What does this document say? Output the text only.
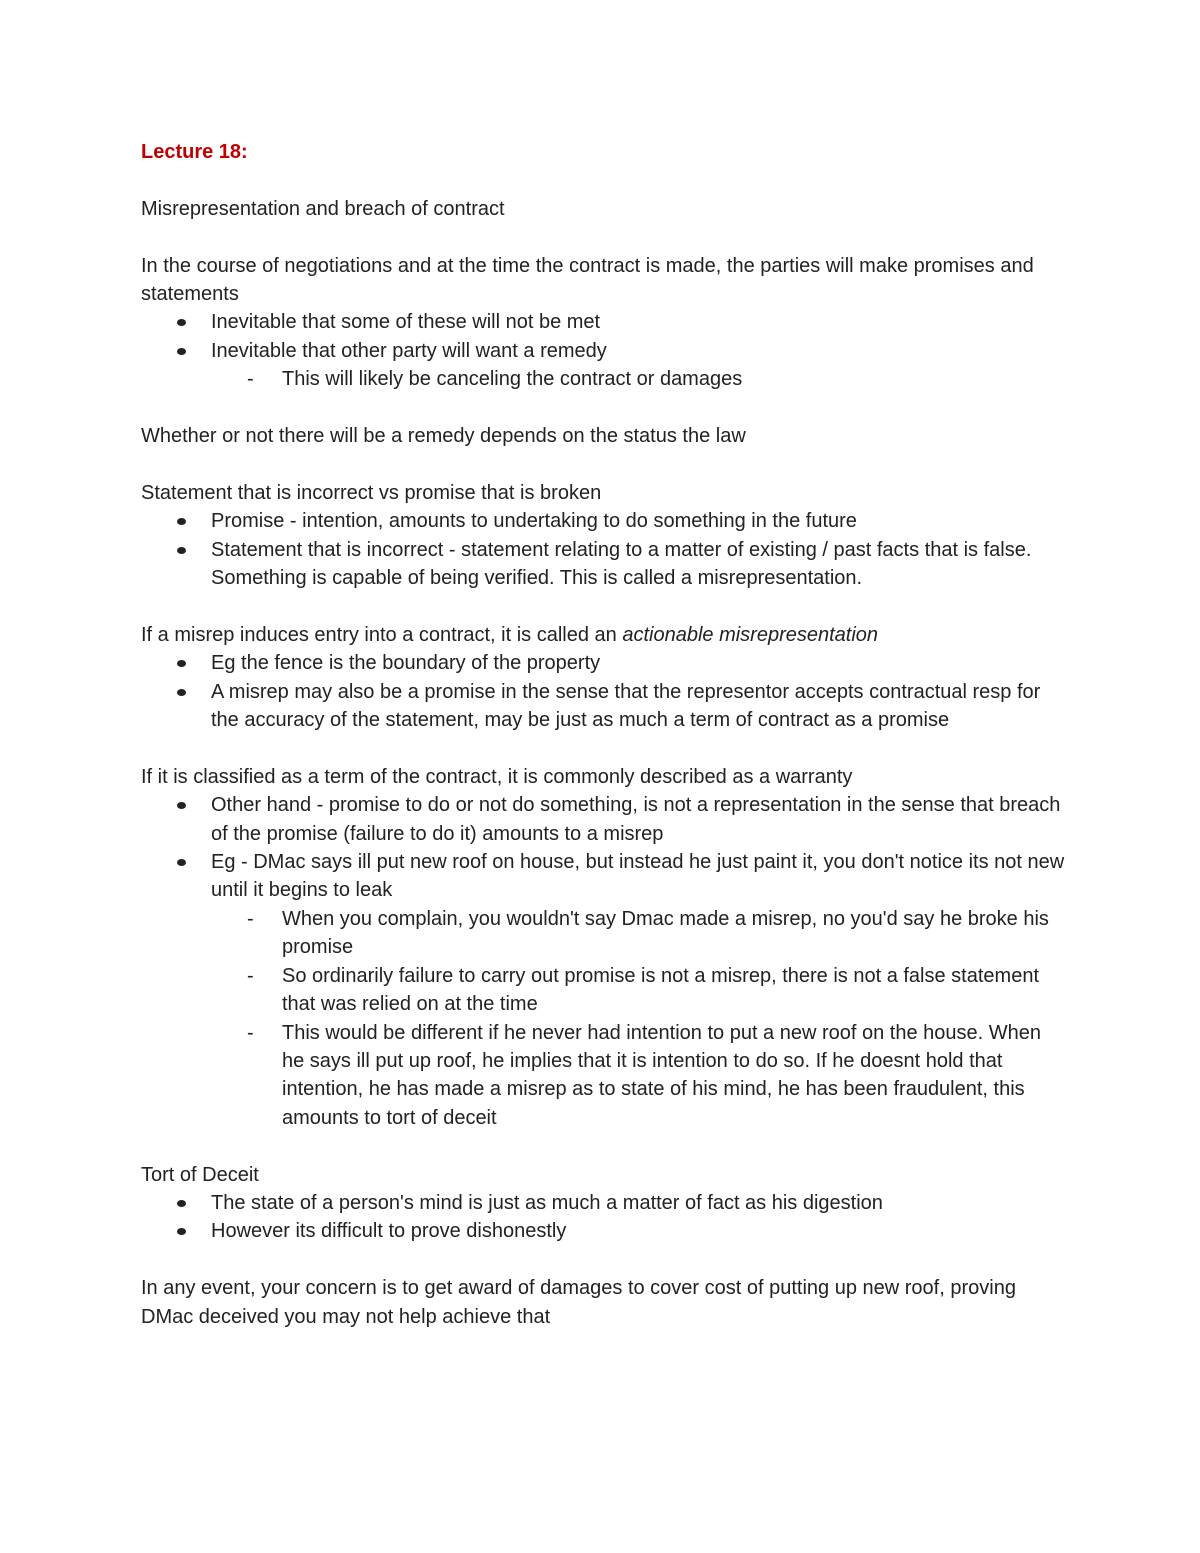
Lecture 18:

Misrepresentation and breach of contract

In the course of negotiations and at the time the contract is made, the parties will make promises and statements

Inevitable that some of these will not be met
Inevitable that other party will want a remedy
- This will likely be canceling the contract or damages

Whether or not there will be a remedy depends on the status the law

Statement that is incorrect vs promise that is broken

Promise - intention, amounts to undertaking to do something in the future
Statement that is incorrect - statement relating to a matter of existing / past facts that is false. Something is capable of being verified. This is called a misrepresentation.

If a misrep induces entry into a contract, it is called an actionable misrepresentation

Eg the fence is the boundary of the property
A misrep may also be a promise in the sense that the representor accepts contractual resp for the accuracy of the statement, may be just as much a term of contract as a promise

If it is classified as a term of the contract, it is commonly described as a warranty

Other hand - promise to do or not do something, is not a representation in the sense that breach of the promise (failure to do it) amounts to a misrep
Eg - DMac says ill put new roof on house, but instead he just paint it, you don't notice its not new until it begins to leak
- When you complain, you wouldn't say Dmac made a misrep, no you'd say he broke his promise
- So ordinarily failure to carry out promise is not a misrep, there is not a false statement that was relied on at the time
- This would be different if he never had intention to put a new roof on the house. When he says ill put up roof, he implies that it is intention to do so. If he doesnt hold that intention, he has made a misrep as to state of his mind, he has been fraudulent, this amounts to tort of deceit

Tort of Deceit

The state of a person's mind is just as much a matter of fact as his digestion
However its difficult to prove dishonestly

In any event, your concern is to get award of damages to cover cost of putting up new roof, proving DMac deceived you may not help achieve that
